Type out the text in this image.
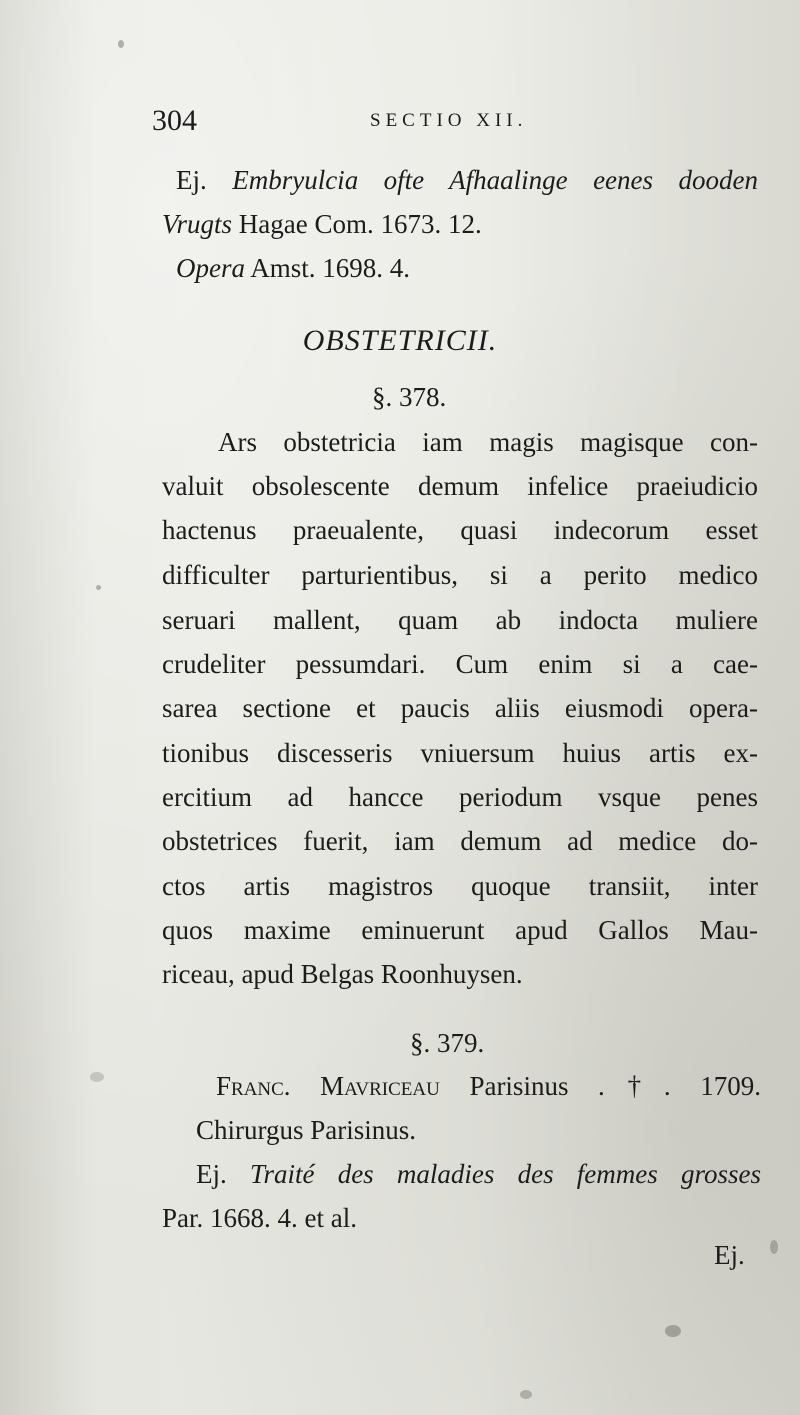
304	SECTIO XII.
Ej. Embryulcia ofte Afhaalinge eenes dooden
Vrugts Hagae Com. 1673. 12.
Opera Amst. 1698. 4.
OBSTETRICII.
§. 378.
Ars obstetricia iam magis magisque con-
valuit obsolescente demum infelice praeiudicio
hactenus praeualente, quasi indecorum esset
difficulter parturientibus, si a perito medico
seruari mallent, quam ab indocta muliere
crudeliter pessumdari. Cum enim si a cae-
sarea sectione et paucis aliis eiusmodi opera-
tionibus discesseris vniuersum huius artis ex-
ercitium ad hancce periodum vsque penes
obstetrices fuerit, iam demum ad medice do-
ctos artis magistros quoque transiit, inter
quos maxime eminuerunt apud Gallos Mau-
riceau, apud Belgas Roonhuysen.
§. 379.
Franc. Mavriceau Parisinus .†. 1709.
Chirurgus Parisinus.
Ej. Traité des maladies des femmes grosses
Par. 1668. 4. et al.
Ej.
